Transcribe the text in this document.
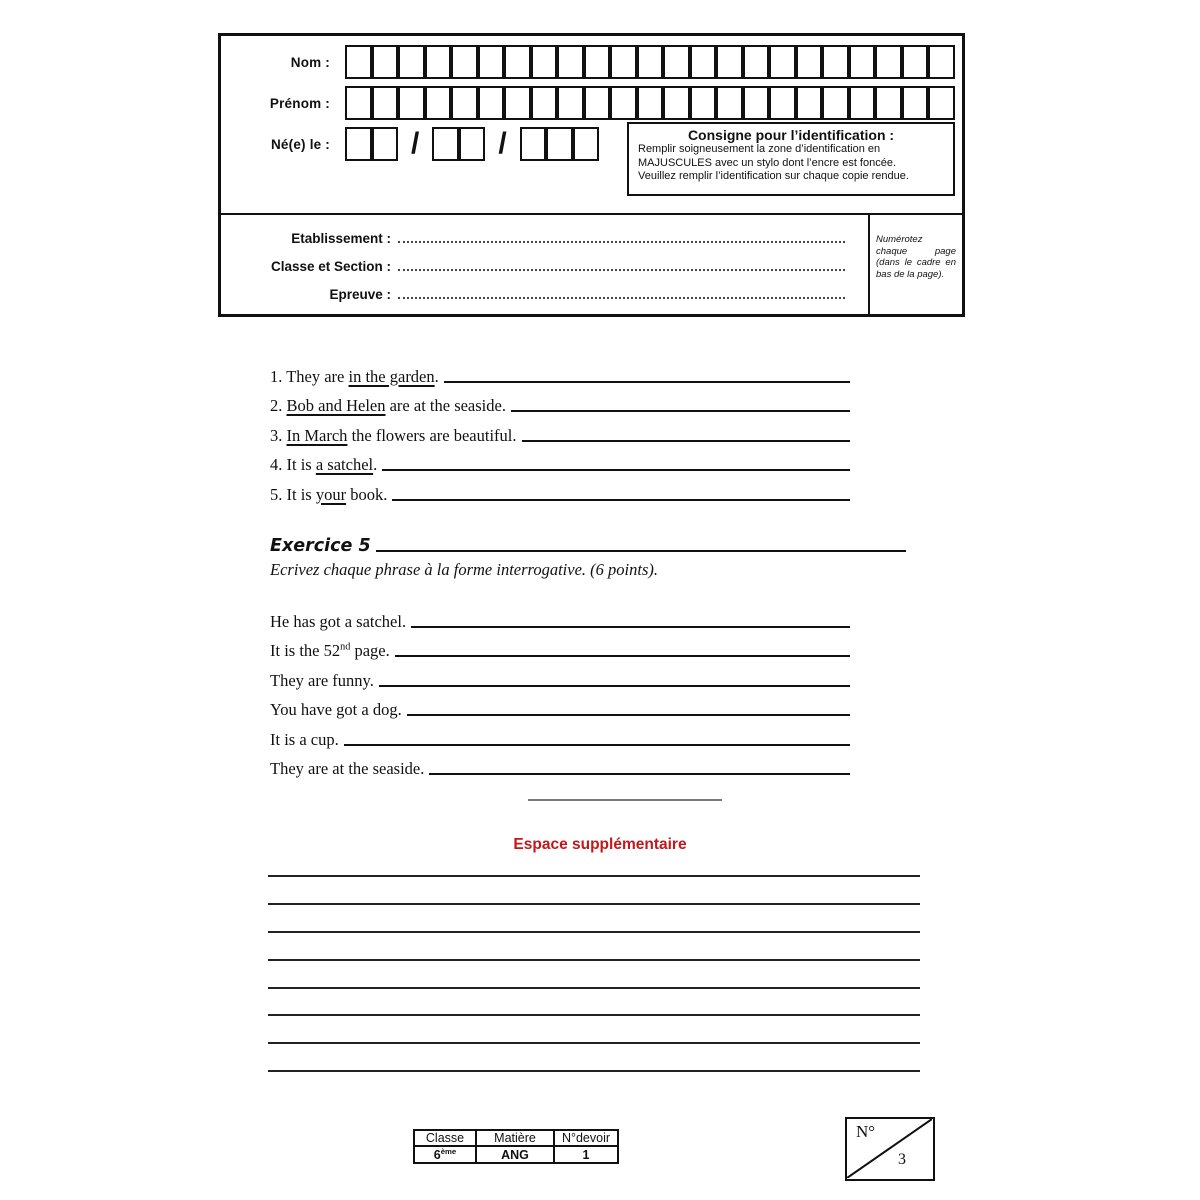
Nom :
Prénom :
Né(e) le :	/	/	Consigne pour l’identification :
Remplir soigneusement la zone d’identification en
MAJUSCULES avec un stylo dont l’encre est foncée.
Veuillez remplir l’identification sur chaque copie rendue.
Etablissement :
Classe et Section :
Epreuve :
Numérotez chaque page (dans le cadre en bas de la page).
1. They are in the garden.
2. Bob and Helen are at the seaside.
3. In March the flowers are beautiful.
4. It is a satchel.
5. It is your book.
Exercice 5
Ecrivez chaque phrase à la forme interrogative. (6 points).
He has got a satchel.
It is the 52nd page.
They are funny.
You have got a dog.
It is a cup.
They are at the seaside.
Espace supplémentaire
Classe	Matière	N°devoir
6ème	ANG	1
N°
3
